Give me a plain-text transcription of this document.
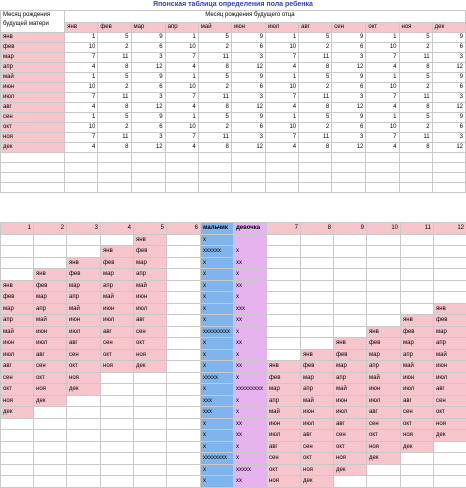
Японская таблица определения пола ребенка
Месяц рождения будущей матери	Месяц рождения будущего отца											
	янв	фев	мар	апр	май	июн	июл	авг	сен	окт	ноя	дек
янв	1	5	9	1	5	9	1	5	9	1	5	9
фев	10	2	6	10	2	6	10	2	6	10	2	6
мар	7	11	3	7	11	3	7	11	3	7	11	3
апр	4	8	12	4	8	12	4	8	12	4	8	12
май	1	5	9	1	5	9	1	5	9	1	5	9
июн	10	2	6	10	2	6	10	2	6	10	2	6
июл	7	11	3	7	11	3	7	11	3	7	11	3
авг	4	8	12	4	8	12	4	8	12	4	8	12
сен	1	5	9	1	5	9	1	5	9	1	5	9
окт	10	2	6	10	2	6	10	2	6	10	2	6
ноя	7	11	3	7	11	3	7	11	3	7	11	3
дек	4	8	12	4	8	12	4	8	12	4	8	12

1	2	3	4	5	6	мальчик	девочка	7	8	9	10	11	12
				янв		x							
			янв	фев		xxxxxx	x						
		янв	фев	мар		x	xx						
	янв	фев	мар	апр		x	x						
янв	фев	мар	апр	май		x	xx						
фев	мар	апр	май	июн		x	x						
мар	апр	май	июн	июл		x	xxx						янв
апр	май	июн	июл	авг		x	xx					янв	фев
май	июн	июл	авг	сен		xxxxxxxxx	x				янв	фев	мар
июн	июл	авг	сен	окт		x	xx			янв	фев	мар	апр
июл	авг	сен	окт	ноя		x	x		янв	фев	мар	апр	май
авг	сен	окт	ноя	дек		x	xx	янв	фев	мар	апр	май	июн
сен	окт	ноя				xxxxx	x	фев	мар	апр	май	июн	июл
окт	ноя	дек				x	xxxxxxxxx	мар	апр	май	июн	июл	авг
ноя	дек					xxx	x	апр	май	июн	июл	авг	сен
дек						xxx	x	май	июн	июл	авг	сен	окт
						x	xx	июн	июл	авг	сен	окт	ноя
						x	xx	июл	авг	сен	окт	ноя	дек
						x	x	авг	сен	окт	ноя	дек	
						xxxxxxxx	x	сен	окт	ноя	дек		
						x	xxxxx	окт	ноя	дек			
						x	xx	ноя	дек				
